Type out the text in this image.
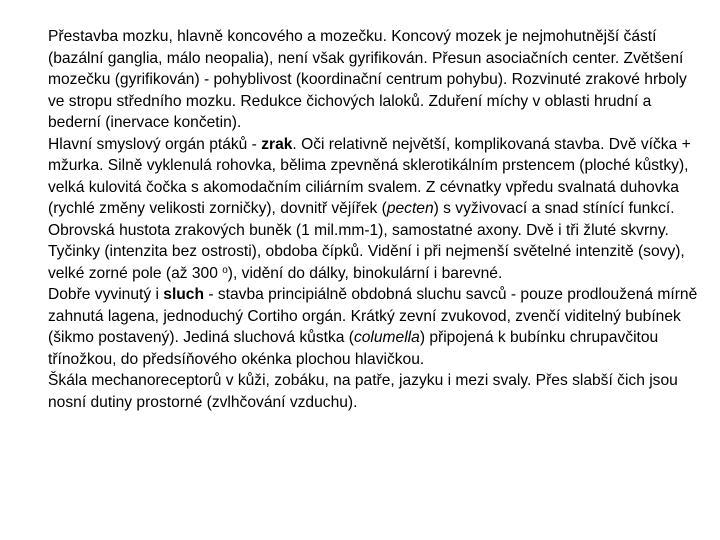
Přestavba mozku, hlavně koncového a mozečku. Koncový mozek je nejmohutnější částí (bazální ganglia, málo neopalia), není však gyrifikován. Přesun asociačních center. Zvětšení mozečku (gyrifikován) - pohyblivost (koordinační centrum pohybu). Rozvinuté zrakové hrboly ve stropu středního mozku. Redukce čichových laloků. Zduření míchy v oblasti hrudní a bederní (inervace končetin).

Hlavní smyslový orgán ptáků - zrak. Oči relativně největší, komplikovaná stavba. Dvě víčka + mžurka. Silně vyklenulá rohovka, bělima zpevněná sklerotikálním prstencem (ploché kůstky), velká kulovitá čočka s akomodačním ciliárním svalem. Z cévnatky vpředu svalnatá duhovka (rychlé změny velikosti zorničky), dovnitř vějířek (pecten) s vyživovací a snad stínící funkcí. Obrovská hustota zrakových buněk (1 mil.mm-1), samostatné axony. Dvě i tři žluté skvrny. Tyčinky (intenzita bez ostrosti), obdoba čípků. Vidění i při nejmenší světelné intenzitě (sovy), velké zorné pole (až 300 $^o$), vidění do dálky, binokulární i barevné.

Dobře vyvinutý i sluch - stavba principiálně obdobná sluchu savců - pouze prodloužená mírně zahnutá lagena, jednoduchý Cortiho orgán. Krátký zevní zvukovod, zvenčí viditelný bubínek (šikmo postavený). Jediná sluchová kůstka (columella) připojená k bubínku chrupavčitou třínožkou, do předsíňového okénka plochou hlavičkou.

Škála mechanoreceptorů v kůži, zobáku, na patře, jazyku i mezi svaly. Přes slabší čich jsou nosní dutiny prostorné (zvlhčování vzduchu).
